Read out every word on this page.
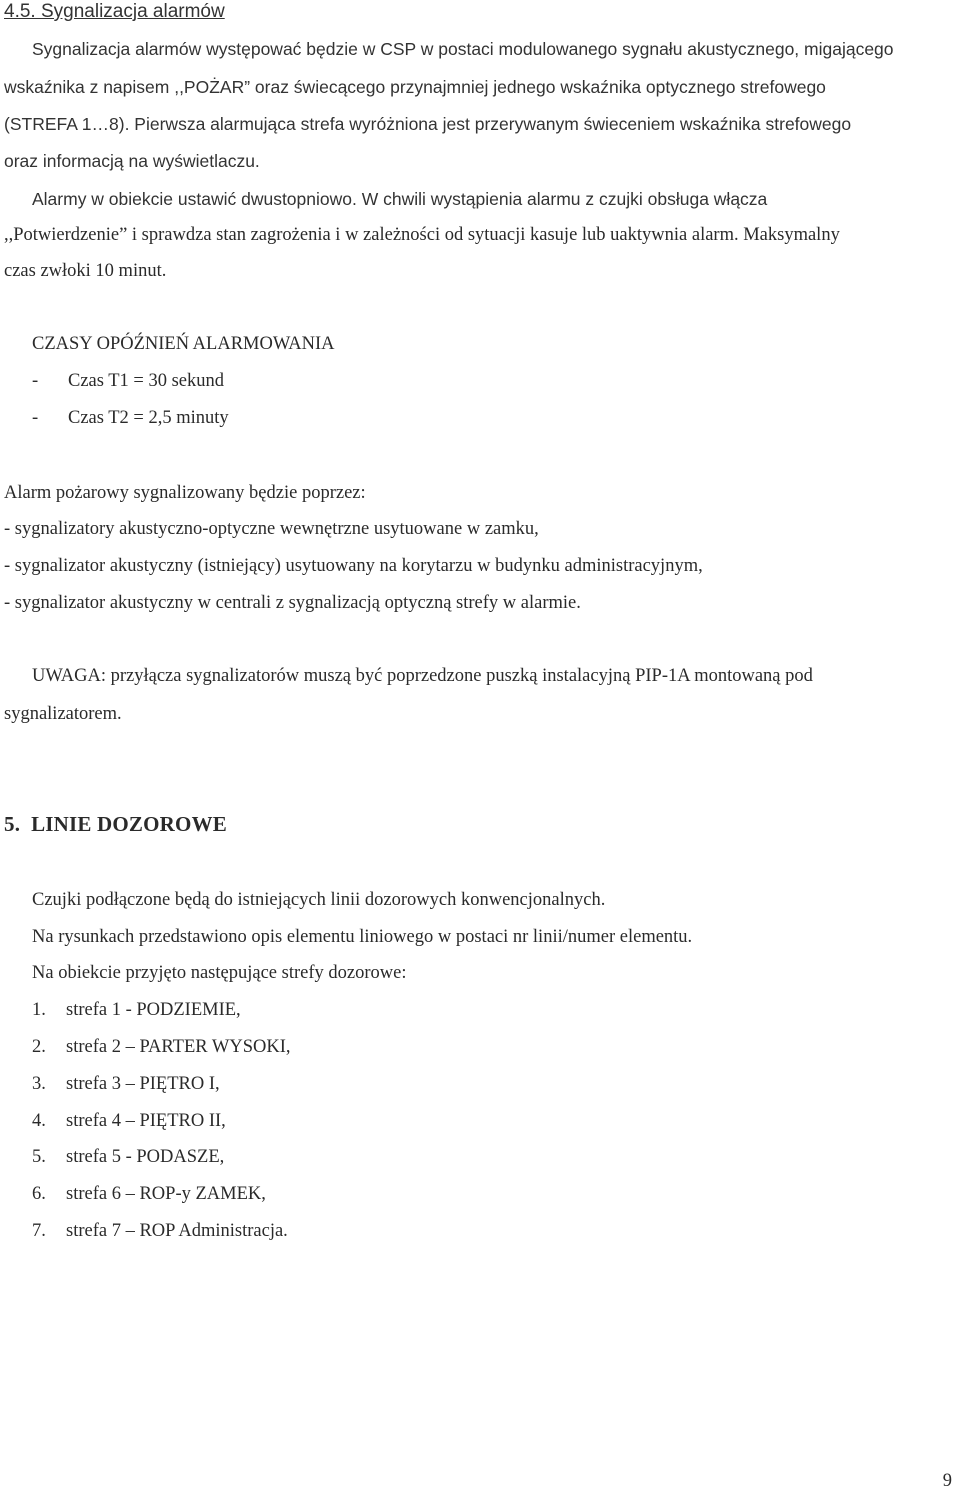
4.5. Sygnalizacja alarmów
Sygnalizacja alarmów występować będzie w CSP w postaci modulowanego sygnału akustycznego, migającego
wskaźnika z napisem ,,POŻAR” oraz świecącego przynajmniej jednego wskaźnika optycznego strefowego
(STREFA 1…8). Pierwsza alarmująca strefa wyróżniona jest przerywanym świeceniem wskaźnika strefowego
oraz informacją na wyświetlaczu.
Alarmy w obiekcie ustawić dwustopniowo. W chwili wystąpienia alarmu z czujki obsługa włącza
,,Potwierdzenie” i sprawdza stan zagrożenia i w zależności od sytuacji kasuje lub uaktywnia alarm. Maksymalny
czas zwłoki 10 minut.
CZASY OPÓŹNIEŃ ALARMOWANIA
- Czas T1 = 30 sekund
- Czas T2 = 2,5 minuty
Alarm pożarowy sygnalizowany będzie poprzez:
- sygnalizatory akustyczno-optyczne wewnętrzne usytuowane w zamku,
- sygnalizator akustyczny (istniejący) usytuowany na korytarzu w budynku administracyjnym,
- sygnalizator akustyczny w centrali z sygnalizacją optyczną strefy w alarmie.
UWAGA: przyłącza sygnalizatorów muszą być poprzedzone puszką instalacyjną PIP-1A montowaną pod
sygnalizatorem.
5. LINIE DOZOROWE
Czujki podłączone będą do istniejących linii dozorowych konwencjonalnych.
Na rysunkach przedstawiono opis elementu liniowego w postaci nr linii/numer elementu.
Na obiekcie przyjęto następujące strefy dozorowe:
1. strefa 1 - PODZIEMIE,
2. strefa 2 – PARTER WYSOKI,
3. strefa 3 – PIĘTRO I,
4. strefa 4 – PIĘTRO II,
5. strefa 5 - PODASZE,
6. strefa 6 – ROP-y ZAMEK,
7. strefa 7 – ROP Administracja.
9
